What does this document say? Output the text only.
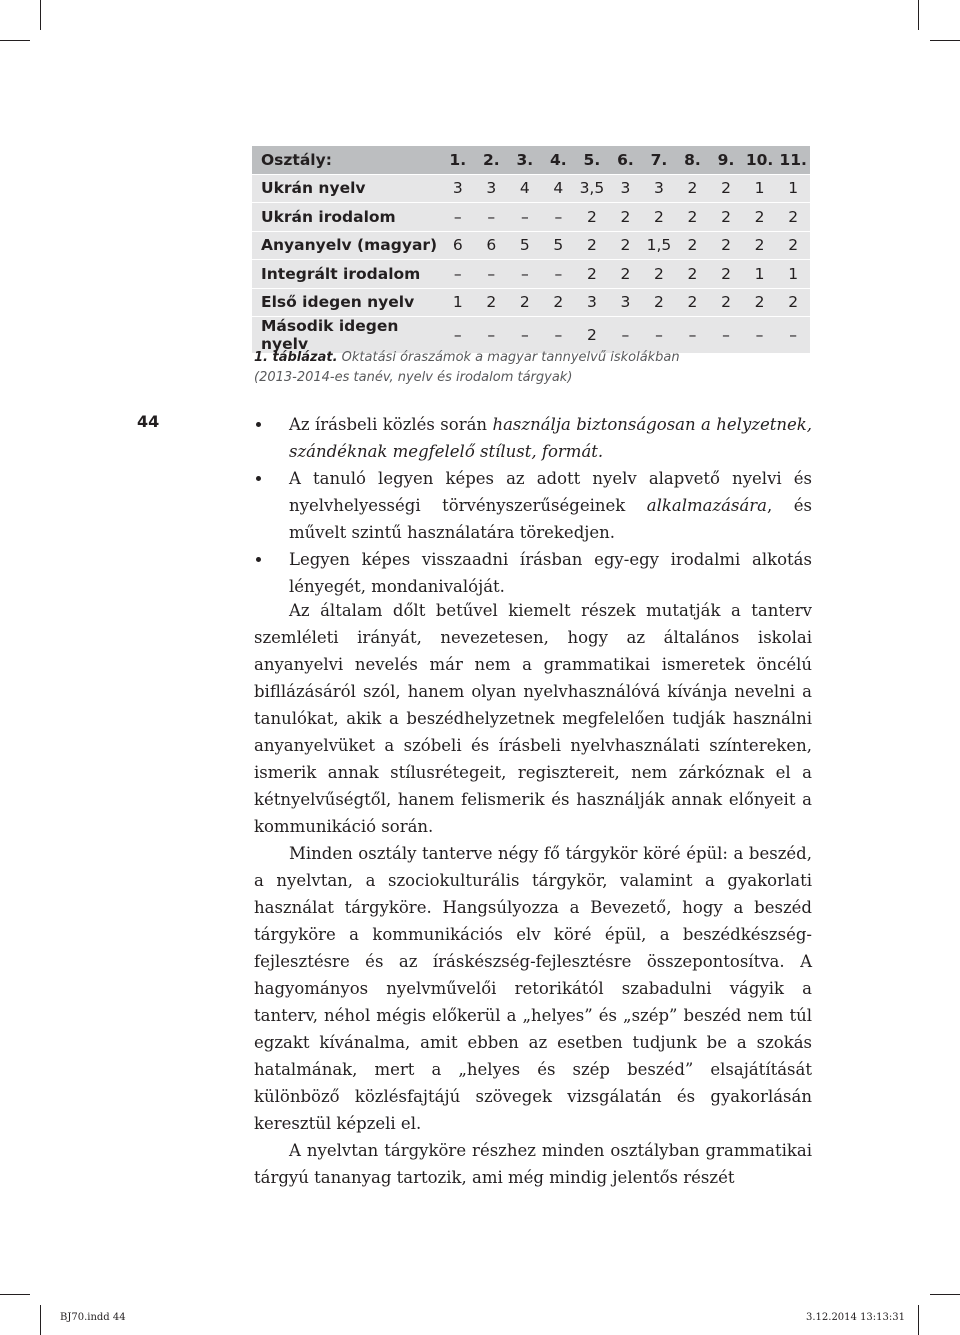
Osztály:	1.	2.	3.	4.	5.	6.	7.	8.	9.	10.	11.
Ukrán nyelv	3	3	4	4	3,5	3	3	2	2	1	1
Ukrán irodalom	–	–	–	–	2	2	2	2	2	2	2
Anyanyelv (magyar)	6	6	5	5	2	2	1,5	2	2	2	2
Integrált irodalom	–	–	–	–	2	2	2	2	2	1	1
Első idegen nyelv	1	2	2	2	3	3	2	2	2	2	2
Második idegen nyelv	–	–	–	–	2	–	–	–	–	–	–
1. táblázat. Oktatási óraszámok a magyar tannyelvű iskolákban
(2013-2014-es tanév, nyelv és irodalom tárgyak)
44	Az írásbeli közlés során használja biztonságosan a helyzetnek, szándéknak megfelelő stílust, formát.
A tanuló legyen képes az adott nyelv alapvető nyelvi és nyelvhelyességi törvényszerűségeinek alkalmazására, és művelt szintű használatára törekedjen.
Legyen képes visszaadni írásban egy-egy irodalmi alkotás lényegét, mondanivalóját.

Az általam dőlt betűvel kiemelt részek mutatják a tanterv szemléleti irányát, nevezetesen, hogy az általános iskolai anyanyelvi nevelés már nem a grammatikai ismeretek öncélú bifllázásáról szól, hanem olyan nyelvhasználóvá kívánja nevelni a tanulókat, akik a beszédhelyzetnek megfelelően tudják használni anyanyelvüket a szóbeli és írásbeli nyelvhasználati színtereken, ismerik annak stílusrétegeit, regisztereit, nem zárkóznak el a kétnyelvűségtől, hanem felismerik és használják annak előnyeit a kommunikáció során.

Minden osztály tanterve négy fő tárgykör köré épül: a beszéd, a nyelvtan, a szociokulturális tárgykör, valamint a gyakorlati használat tárgyköre. Hangsúlyozza a Bevezető, hogy a beszéd tárgyköre a kommunikációs elv köré épül, a beszédkészség-fejlesztésre és az íráskészség-fejlesztésre összepontosítva. A hagyományos nyelvművelői retorikától szabadulni vágyik a tanterv, néhol mégis előkerül a „helyes” és „szép” beszéd nem túl egzakt kívánalma, amit ebben az esetben tudjunk be a szokás hatalmának, mert a „helyes és szép beszéd” elsajátítását különböző közlésfajtájú szövegek vizsgálatán és gyakorlásán keresztül képzeli el.

A nyelvtan tárgyköre részhez minden osztályban grammatikai tárgyú tananyag tartozik, ami még mindig jelentős részét

BJ70.indd 44	3.12.2014 13:13:31
